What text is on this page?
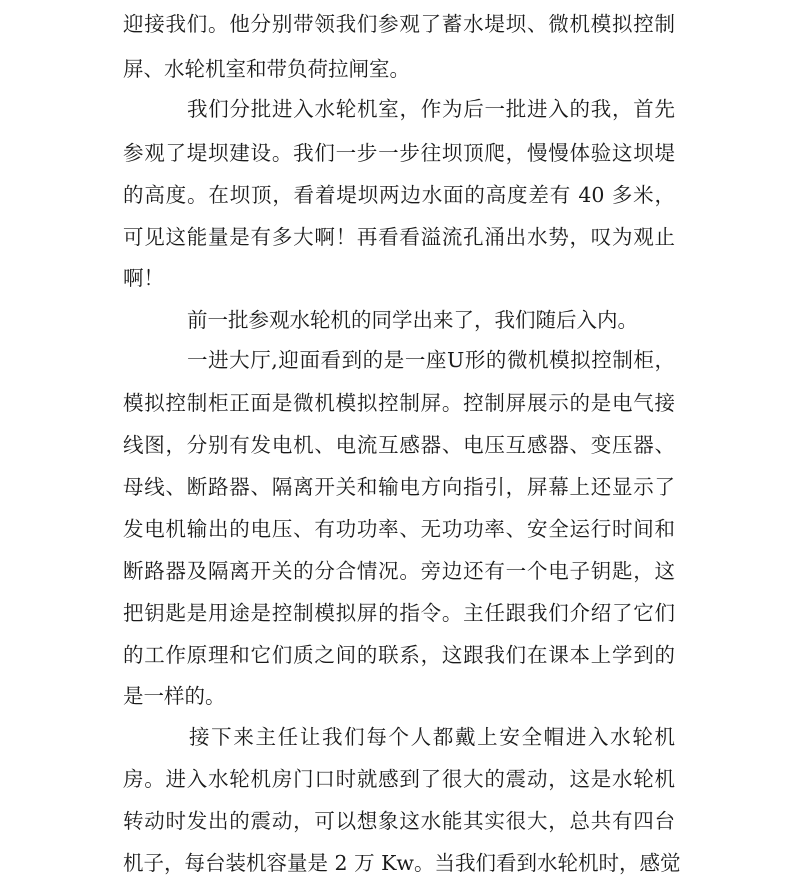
迎接我们。他分别带领我们参观了蓄水堤坝、微机模拟控制
屏、水轮机室和带负荷拉闸室。
我们分批进入水轮机室，作为后一批进入的我，首先
参观了堤坝建设。我们一步一步往坝顶爬，慢慢体验这坝堤
的高度。在坝顶，看着堤坝两边水面的高度差有 40 多米，
可见这能量是有多大啊！再看看溢流孔涌出水势，叹为观止
啊！
前一批参观水轮机的同学出来了，我们随后入内。
一进大厅,迎面看到的是一座U形的微机模拟控制柜，
模拟控制柜正面是微机模拟控制屏。控制屏展示的是电气接
线图，分别有发电机、电流互感器、电压互感器、变压器、
母线、断路器、隔离开关和输电方向指引，屏幕上还显示了
发电机输出的电压、有功功率、无功功率、安全运行时间和
断路器及隔离开关的分合情况。旁边还有一个电子钥匙，这
把钥匙是用途是控制模拟屏的指令。主任跟我们介绍了它们
的工作原理和它们质之间的联系，这跟我们在课本上学到的
是一样的。
接下来主任让我们每个人都戴上安全帽进入水轮机
房。进入水轮机房门口时就感到了很大的震动，这是水轮机
转动时发出的震动，可以想象这水能其实很大，总共有四台
机子，每台装机容量是 2 万 Kw。当我们看到水轮机时，感觉
